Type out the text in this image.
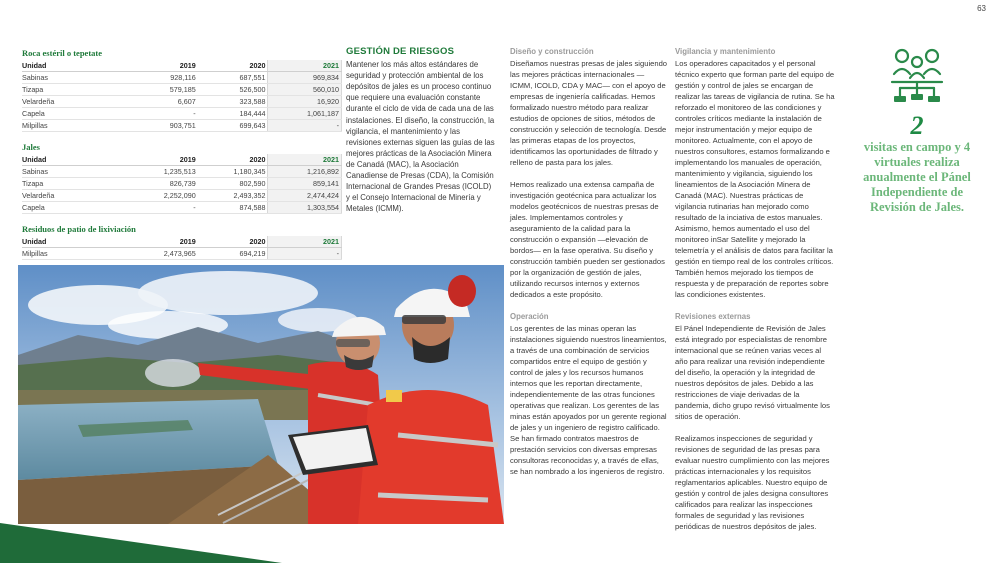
63
Roca estéril o tepetate
Unidad	2019	2020	2021
Sabinas	928,116	687,551	969,834
Tizapa	579,185	526,500	560,010
Velardeña	6,607	323,588	16,920
Capela	-	184,444	1,061,187
Milpillas	903,751	699,643	-
Jales
Unidad	2019	2020	2021
Sabinas	1,235,513	1,180,345	1,216,892
Tizapa	826,739	802,590	859,141
Velardeña	2,252,090	2,493,352	2,474,424
Capela	-	874,588	1,303,554
Residuos de patio de lixiviación
Unidad	2019	2020	2021
Milpillas	2,473,965	694,219	-
GESTIÓN DE RIESGOS

Mantener los más altos estándares de seguridad y protección ambiental de los depósitos de jales es un proceso continuo que requiere una evaluación constante durante el ciclo de vida de cada una de las instalaciones. El diseño, la construcción, la vigilancia, el mantenimiento y las revisiones externas siguen las guías de las mejores prácticas de la Asociación Minera de Canadá (MAC), la Asociación Canadiense de Presas (CDA), la Comisión Internacional de Grandes Presas (ICOLD) y el Consejo Internacional de Minería y Metales (ICMM).

Diseño y construcción

Diseñamos nuestras presas de jales siguiendo las mejores prácticas internacionales — ICMM, ICOLD, CDA y MAC— con el apoyo de empresas de ingeniería calificadas. Hemos formalizado nuestro método para realizar estudios de opciones de sitios, métodos de construcción y selección de tecnología. Desde las primeras etapas de los proyectos, identificamos las oportunidades de filtrado y relleno de pasta para los jales.

Hemos realizado una extensa campaña de investigación geotécnica para actualizar los modelos geotécnicos de nuestras presas de jales. Implementamos controles y aseguramiento de la calidad para la construcción o expansión —elevación de bordos— en la fase operativa. Su diseño y construcción también pueden ser gestionados por la organización de gestión de jales, utilizando recursos internos y externos dedicados a este propósito.

Operación

Los gerentes de las minas operan las instalaciones siguiendo nuestros lineamientos, a través de una combinación de servicios compartidos entre el equipo de gestión y control de jales y los recursos humanos internos que les reportan directamente, independientemente de las otras funciones operativas que realizan. Los gerentes de las minas están apoyados por un gerente regional de jales y un ingeniero de registro calificado. Se han firmado contratos maestros de prestación servicios con diversas empresas consultoras reconocidas y, a través de ellas, se han nombrado a los ingenieros de registro.

Vigilancia y mantenimiento

Los operadores capacitados y el personal técnico experto que forman parte del equipo de gestión y control de jales se encargan de realizar las tareas de vigilancia de rutina. Se ha reforzado el monitoreo de las condiciones y controles críticos mediante la instalación de mejor instrumentación y mejor equipo de monitoreo. Actualmente, con el apoyo de nuestros consultores, estamos formalizando e implementando los manuales de operación, mantenimiento y vigilancia, siguiendo los lineamientos de la Asociación Minera de Canadá (MAC). Nuestras prácticas de vigilancia rutinarias han mejorado como resultado de la inciativa de estos manuales. Asimismo, hemos aumentado el uso del monitoreo inSar Satellite y mejorado la telemetría y el análisis de datos para facilitar la gestión en tiempo real de los controles críticos. También hemos mejorado los tiempos de respuesta y de preparación de reportes sobre las condiciones existentes.

Revisiones externas

El Pánel Independiente de Revisión de Jales está integrado por especialistas de renombre internacional que se reúnen varias veces al año para realizar una revisión independiente del diseño, la operación y la integridad de nuestros depósitos de jales. Debido a las restricciones de viaje derivadas de la pandemia, dicho grupo revisó virtualmente los sitios de operación.

Realizamos inspecciones de seguridad y revisiones de seguridad de las presas para evaluar nuestro cumplimiento con las mejores prácticas internacionales y los requisitos reglamentarios aplicables. Nuestro equipo de gestión y control de jales designa consultores calificados para realizar las inspecciones formales de seguridad y las revisiones periódicas de nuestros depósitos de jales.

2
visitas en campo y 4 virtuales realiza anualmente el Pánel Independiente de Revisión de Jales.
